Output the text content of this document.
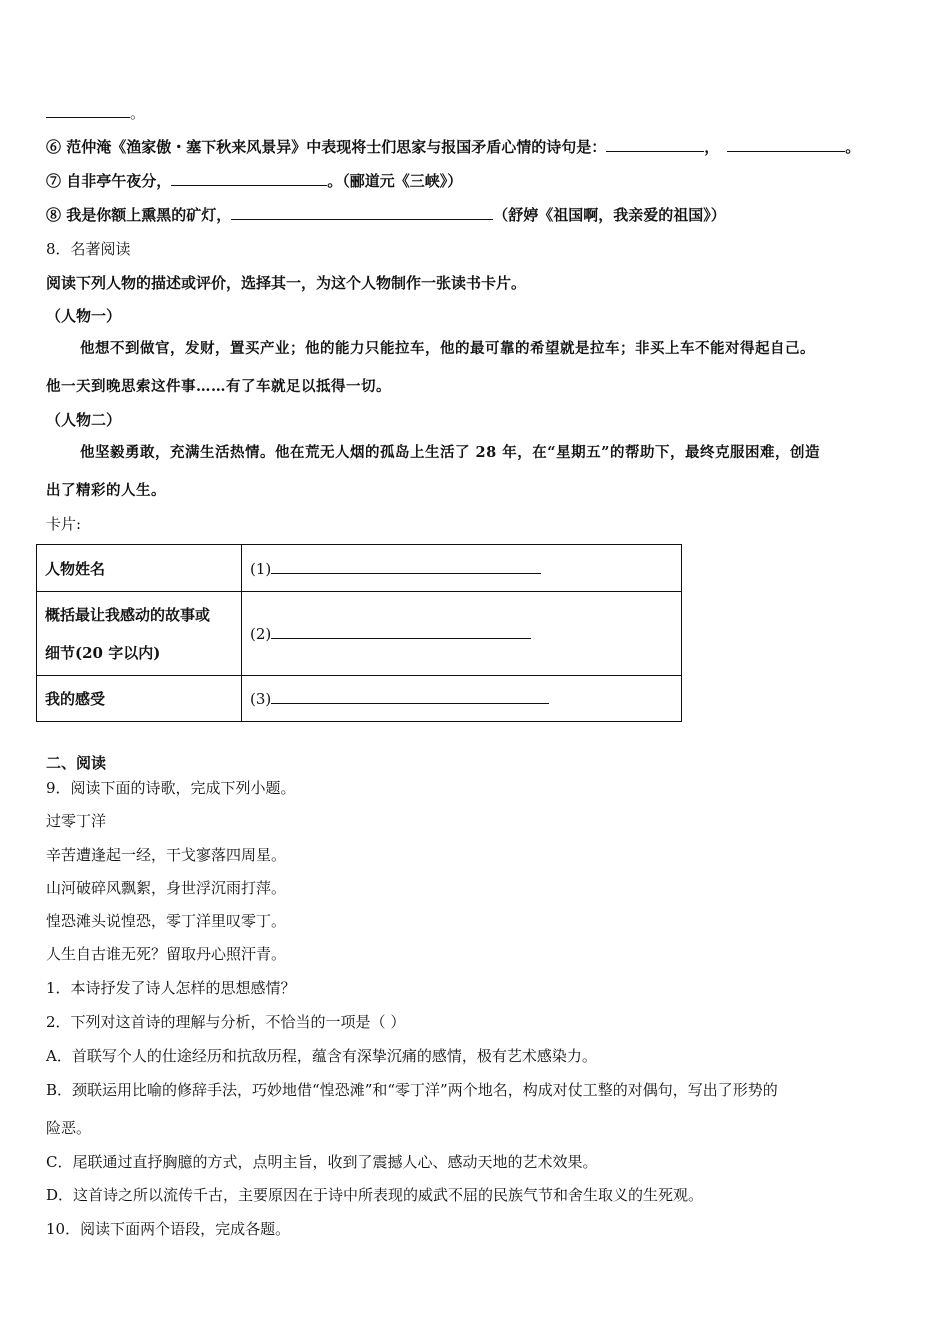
。
⑥ 范仲淹《渔家傲・塞下秋来风景异》中表现将士们思家与报国矛盾心情的诗句是：	，	。
⑦ 自非亭午夜分，	。（郦道元《三峡》）
⑧ 我是你额上熏黑的矿灯，	（舒婷《祖国啊，我亲爱的祖国》）
8．名著阅读
阅读下列人物的描述或评价，选择其一，为这个人物制作一张读书卡片。
（人物一）
他想不到做官，发财，置买产业；他的能力只能拉车，他的最可靠的希望就是拉车；非买上车不能对得起自己。
他一天到晚思索这件事……有了车就足以抵得一切。
（人物二）
他坚毅勇敢，充满生活热情。他在荒无人烟的孤岛上生活了 28 年，在“星期五”的帮助下，最终克服困难，创造
出了精彩的人生。
卡片:
人物姓名	(1)

概括最让我感动的故事或
细节(20 字以内)	(2)
我的感受	(3)
二、阅读
9．阅读下面的诗歌，完成下列小题。
过零丁洋
辛苦遭逢起一经，干戈寥落四周星。
山河破碎风飘絮，身世浮沉雨打萍。
惶恐滩头说惶恐，零丁洋里叹零丁。
人生自古谁无死？留取丹心照汗青。
1．本诗抒发了诗人怎样的思想感情？
2．下列对这首诗的理解与分析，不恰当的一项是（ ）
A．首联写个人的仕途经历和抗敌历程，蕴含有深挚沉痛的感情，极有艺术感染力。
B．颈联运用比喻的修辞手法，巧妙地借“惶恐滩”和“零丁洋”两个地名，构成对仗工整的对偶句，写出了形势的
险恶。
C．尾联通过直抒胸臆的方式，点明主旨，收到了震撼人心、感动天地的艺术效果。
D．这首诗之所以流传千古，主要原因在于诗中所表现的威武不屈的民族气节和舍生取义的生死观。
10．阅读下面两个语段，完成各题。
